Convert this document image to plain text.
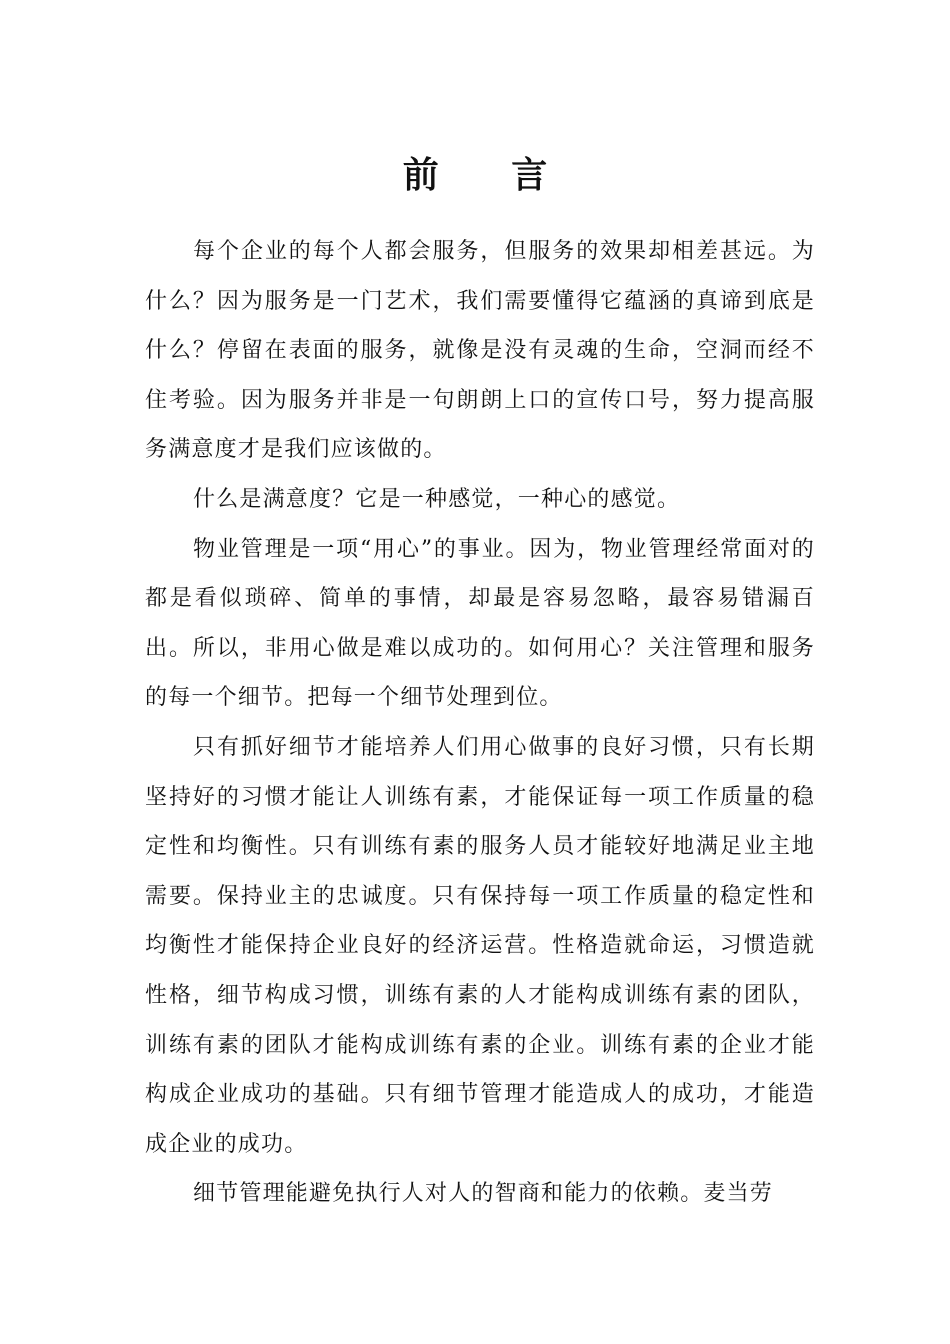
前 言

每个企业的每个人都会服务，但服务的效果却相差甚远。为什么？因为服务是一门艺术，我们需要懂得它蕴涵的真谛到底是什么？停留在表面的服务，就像是没有灵魂的生命，空洞而经不住考验。因为服务并非是一句朗朗上口的宣传口号，努力提高服务满意度才是我们应该做的。

什么是满意度？它是一种感觉，一种心的感觉。

物业管理是一项“用心”的事业。因为，物业管理经常面对的都是看似琐碎、简单的事情，却最是容易忽略，最容易错漏百出。所以，非用心做是难以成功的。如何用心？关注管理和服务的每一个细节。把每一个细节处理到位。

只有抓好细节才能培养人们用心做事的良好习惯，只有长期坚持好的习惯才能让人训练有素，才能保证每一项工作质量的稳定性和均衡性。只有训练有素的服务人员才能较好地满足业主地需要。保持业主的忠诚度。只有保持每一项工作质量的稳定性和均衡性才能保持企业良好的经济运营。性格造就命运，习惯造就性格，细节构成习惯，训练有素的人才能构成训练有素的团队，训练有素的团队才能构成训练有素的企业。训练有素的企业才能构成企业成功的基础。只有细节管理才能造成人的成功，才能造成企业的成功。

细节管理能避免执行人对人的智商和能力的依赖。麦当劳
